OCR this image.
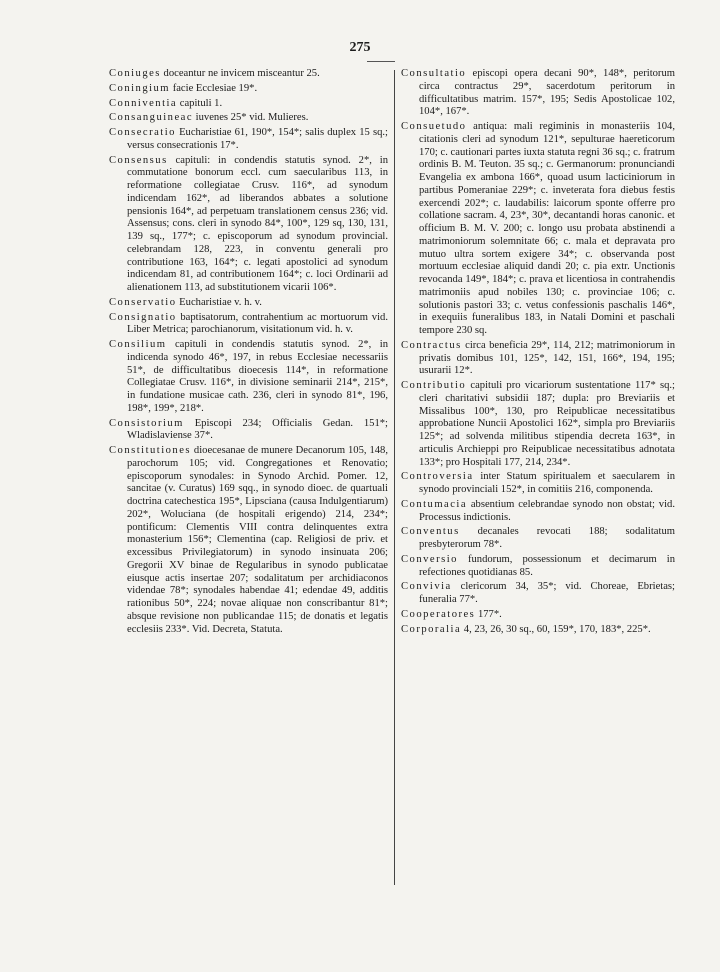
275

Coniuges doceantur ne invicem misceantur 25.

Coningium facie Ecclesiae 19*.

Conniventia capituli 1.

Consanguineac iuvenes 25* vid. Mulieres.

Consecratio Eucharistiae 61, 190*, 154*; salis duplex 15 sq.; versus consecrationis 17*.

Consensus capituli: in condendis statutis synod. 2*, in commutatione bonorum eccl. cum saecularibus 113, in reformatione collegiatae Crusv. 116*, ad synodum indicendam 162*, ad liberandos abbates a solutione pensionis 164*, ad perpetuam translationem census 236; vid. Assensus; cons. cleri in synodo 84*, 100*, 129 sq, 130, 131, 139 sq., 177*; c. episcoporum ad synodum provincial. celebrandam 128, 223, in conventu generali pro contributione 163, 164*; c. legati apostolici ad synodum indicendam 81, ad contributionem 164*; c. loci Ordinarii ad alienationem 113, ad substitutionem vicarii 106*.

Conservatio Eucharistiae v. h. v.

Consignatio baptisatorum, contrahentium ac mortuorum vid. Liber Metrica; parochianorum, visitationum vid. h. v.

Consilium capituli in condendis statutis synod. 2*, in indicenda synodo 46*, 197, in rebus Ecclesiae necessariis 51*, de difficultatibus dioecesis 114*, in reformatione Collegiatae Crusv. 116*, in divisione seminarii 214*, 215*, in fundatione musicae cath. 236, cleri in synodo 81*, 196, 198*, 199*, 218*.

Consistorium Episcopi 234; Officialis Gedan. 151*; Wladislaviense 37*.

Constitutiones dioecesanae de munere Decanorum 105, 148, parochorum 105; vid. Congregationes et Renovatio; episcoporum synodales: in Synodo Archid. Pomer. 12, sancitae (v. Curatus) 169 sqq., in synodo dioec. de quartuali doctrina catechestica 195*, Lipsciana (causa Indulgentiarum) 202*, Woluciana (de hospitali erigendo) 214, 234*; pontificum: Clementis VIII contra delinquentes extra monasterium 156*; Clementina (cap. Religiosi de priv. et excessibus Privilegiatorum) in synodo insinuata 206; Gregorii XV binae de Regularibus in synodo publicatae eiusque actis insertae 207; sodalitatum per archidiaconos videndae 78*; synodales habendae 41; edendae 49, additis rationibus 50*, 224; novae aliquae non conscribantur 81*; absque revisione non publicandae 115; de donatis et legatis ecclesiis 233*. Vid. Decreta, Statuta.

Consultatio episcopi opera decani 90*, 148*, peritorum circa contractus 29*, sacerdotum peritorum in difficultatibus matrim. 157*, 195; Sedis Apostolicae 102, 104*, 167*.

Consuetudo antiqua: mali regiminis in monasteriis 104, citationis cleri ad synodum 121*, sepulturae haereticorum 170; c. cautionari partes iuxta statuta regni 36 sq.; c. fratrum ordinis B. M. Teuton. 35 sq.; c. Germanorum: pronunciandi Evangelia ex ambona 166*, quoad usum lacticiniorum in partibus Pomeraniae 229*; c. inveterata fora diebus festis exercendi 202*; c. laudabilis: laicorum sponte offerre pro collatione sacram. 4, 23*, 30*, decantandi horas canonic. et officium B. M. V. 200; c. longo usu probata abstinendi a matrimoniorum solemnitate 66; c. mala et depravata pro mutuo ultra sortem exigere 34*; c. observanda post mortuum ecclesiae aliquid dandi 20; c. pia extr. Unctionis revocanda 149*, 184*; c. prava et licentiosa in contrahendis matrimoniis apud nobiles 130; c. provinciae 106; c. solutionis pastori 33; c. vetus confessionis paschalis 146*, in exequiis funeralibus 183, in Natali Domini et paschali tempore 230 sq.

Contractus circa beneficia 29*, 114, 212; matrimoniorum in privatis domibus 101, 125*, 142, 151, 166*, 194, 195; usurarii 12*.

Contributio capituli pro vicariorum sustentatione 117* sq.; cleri charitativi subsidii 187; dupla: pro Breviariis et Missalibus 100*, 130, pro Reipublicae necessitatibus approbatione Nuncii Apostolici 162*, simpla pro Breviariis 125*; ad solvenda militibus stipendia decreta 163*, in articulis Archieppi pro Reipublicae necessitatibus adnotata 133*; pro Hospitali 177, 214, 234*.

Controversia inter Statum spiritualem et saecularem in synodo provinciali 152*, in comitiis 216, componenda.

Contumacia absentium celebrandae synodo non obstat; vid. Processus indictionis.

Conventus decanales revocati 188; sodalitatum presbyterorum 78*.

Conversio fundorum, possessionum et decimarum in refectiones quotidianas 85.

Convivia clericorum 34, 35*; vid. Choreae, Ebrietas; funeralia 77*.

Cooperatores 177*.

Corporalia 4, 23, 26, 30 sq., 60, 159*, 170, 183*, 225*.
